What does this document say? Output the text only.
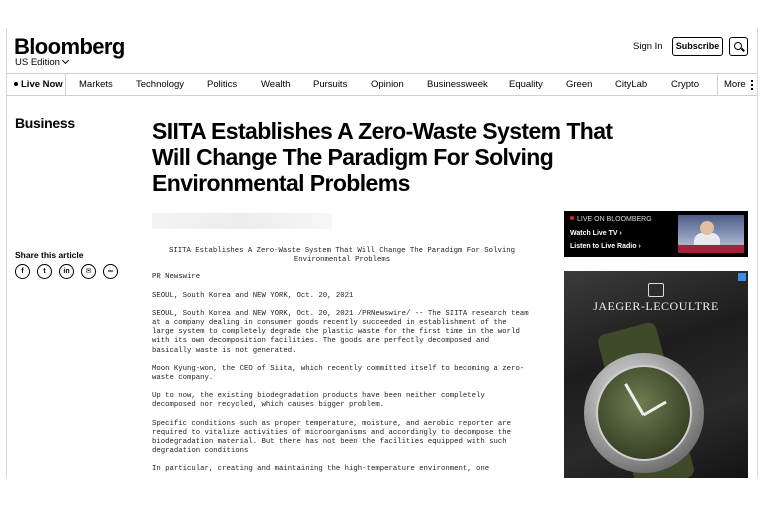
Bloomberg
US Edition
Sign In	Subscribe
Live Now	Markets Technology Politics	Wealth Pursuits Opinion Businessweek Equality Green CityLab	Crypto	More
Business	SIITA Establishes A Zero-Waste System That Will Change The Paradigm For Solving Environmental Problems
Share this article
f	t	in	✉	∞
SIITA Establishes A Zero-Waste System That Will Change The Paradigm For Solving Environmental Problems

PR Newswire

SEOUL, South Korea and NEW YORK, Oct. 20, 2021

SEOUL, South Korea and NEW YORK, Oct. 20, 2021 /PRNewswire/ -- The SIITA research team at a company dealing in consumer goods recently succeeded in establishment of the large system to completely degrade the plastic waste for the first time in the world with its own decomposition facilities. The goods are perfectly decomposed and basically waste is not generated.

Moon Kyung-won, the CEO of Siita, which recently committed itself to becoming a zero-waste company.

Up to now, the existing biodegradation products have been neither completely decomposed nor recycled, which causes bigger problem.

Specific conditions such as proper temperature, moisture, and aerobic reporter are required to vitalize activities of microorganisms and accordingly to decompose the biodegradation material. But there has not been the facilities equipped with such degradation conditions

In particular, creating and maintaining the high-temperature environment, one

LIVE ON BLOOMBERG
Watch Live TV ›
Listen to Live Radio ›
JAEGER-LECOULTRE
